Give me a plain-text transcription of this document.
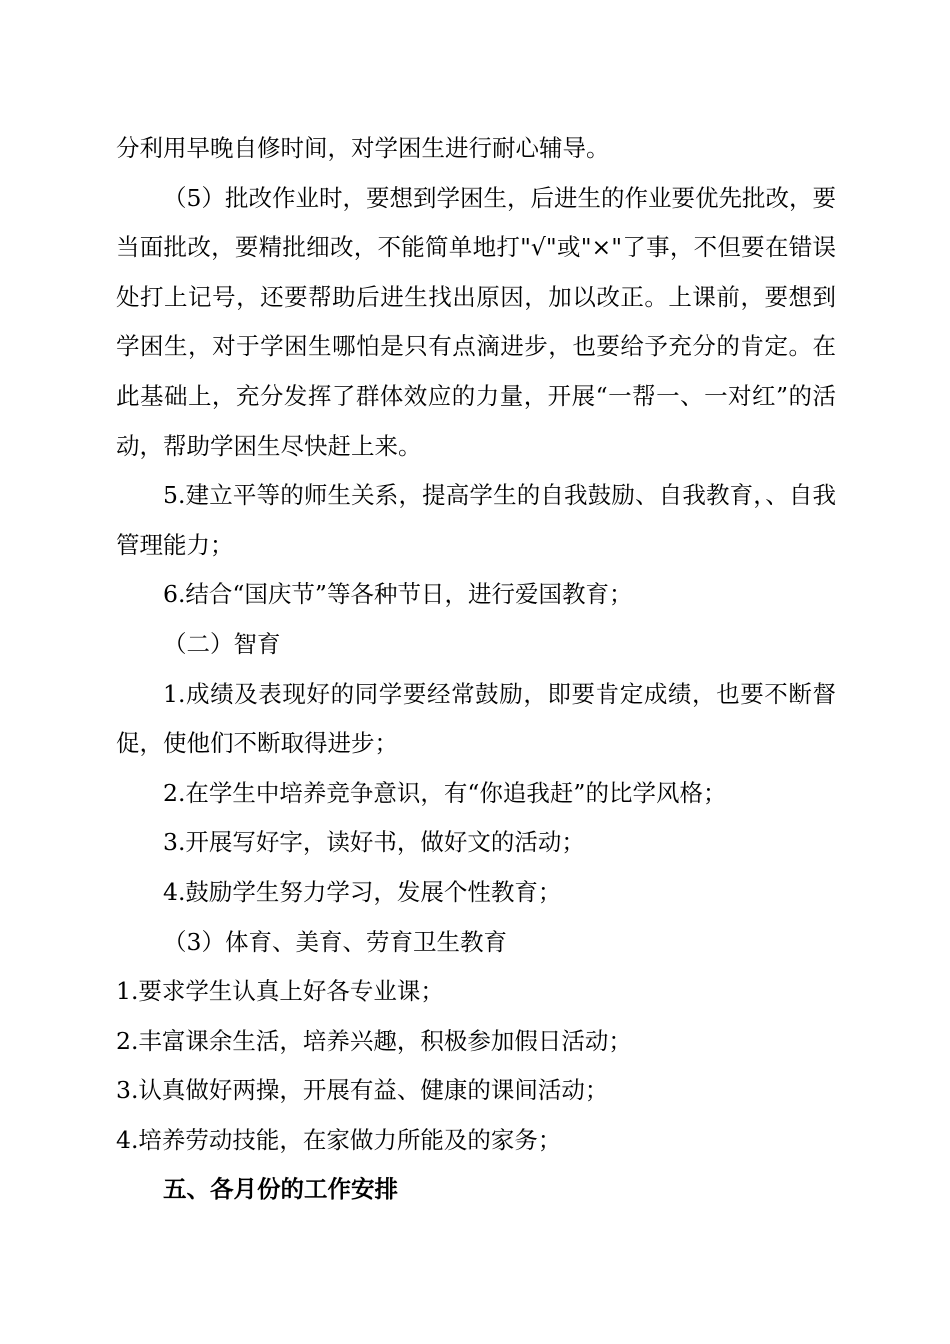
分利用早晚自修时间，对学困生进行耐心辅导。

（5）批改作业时，要想到学困生，后进生的作业要优先批改，要当面批改，要精批细改，不能简单地打"√"或"×"了事，不但要在错误处打上记号，还要帮助后进生找出原因，加以改正。上课前，要想到学困生，对于学困生哪怕是只有点滴进步，也要给予充分的肯定。在此基础上，充分发挥了群体效应的力量，开展“一帮一、一对红”的活动，帮助学困生尽快赶上来。

5.建立平等的师生关系，提高学生的自我鼓励、自我教育，、自我管理能力；

6.结合“国庆节”等各种节日，进行爱国教育；

（二）智育

1.成绩及表现好的同学要经常鼓励，即要肯定成绩，也要不断督促，使他们不断取得进步；

2.在学生中培养竞争意识，有“你追我赶”的比学风格；

3.开展写好字，读好书，做好文的活动；

4.鼓励学生努力学习，发展个性教育；

（3）体育、美育、劳育卫生教育

1.要求学生认真上好各专业课；

2.丰富课余生活，培养兴趣，积极参加假日活动；

3.认真做好两操，开展有益、健康的课间活动；

4.培养劳动技能，在家做力所能及的家务；

五、各月份的工作安排
